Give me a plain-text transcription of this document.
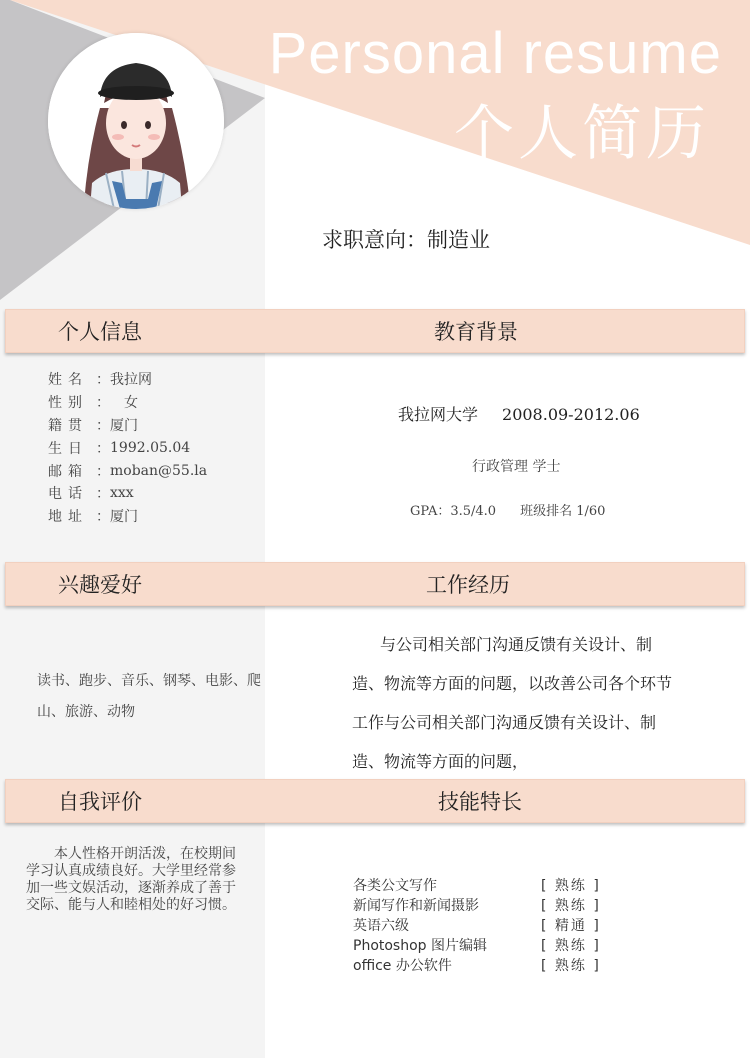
Personal resume
个人简历
求职意向：制造业
个人信息	教育背景
姓名 ： 我拉网
性别 ： 　女
籍贯 ： 厦门
生日 ： 1992.05.04
邮箱 ： moban@55.la
电话 ： xxx
地址 ： 厦门
我拉网大学 2008.09-2012.06
行政管理 学士
GPA：3.5/4.0 班级排名 1/60
兴趣爱好	工作经历
读书、跑步、音乐、钢琴、电影、爬山、旅游、动物
与公司相关部门沟通反馈有关设计、制造、物流等方面的问题，以改善公司各个环节工作与公司相关部门沟通反馈有关设计、制造、物流等方面的问题，
自我评价	技能特长
本人性格开朗活泼，在校期间学习认真成绩良好。大学里经常参加一些文娱活动，逐渐养成了善于交际、能与人和睦相处的好习惯。
各类公文写作	[ 熟练 ]
新闻写作和新闻摄影	[ 熟练 ]
英语六级	[ 精通 ]
Photoshop 图片编辑	[ 熟练 ]
office 办公软件	[ 熟练 ]
